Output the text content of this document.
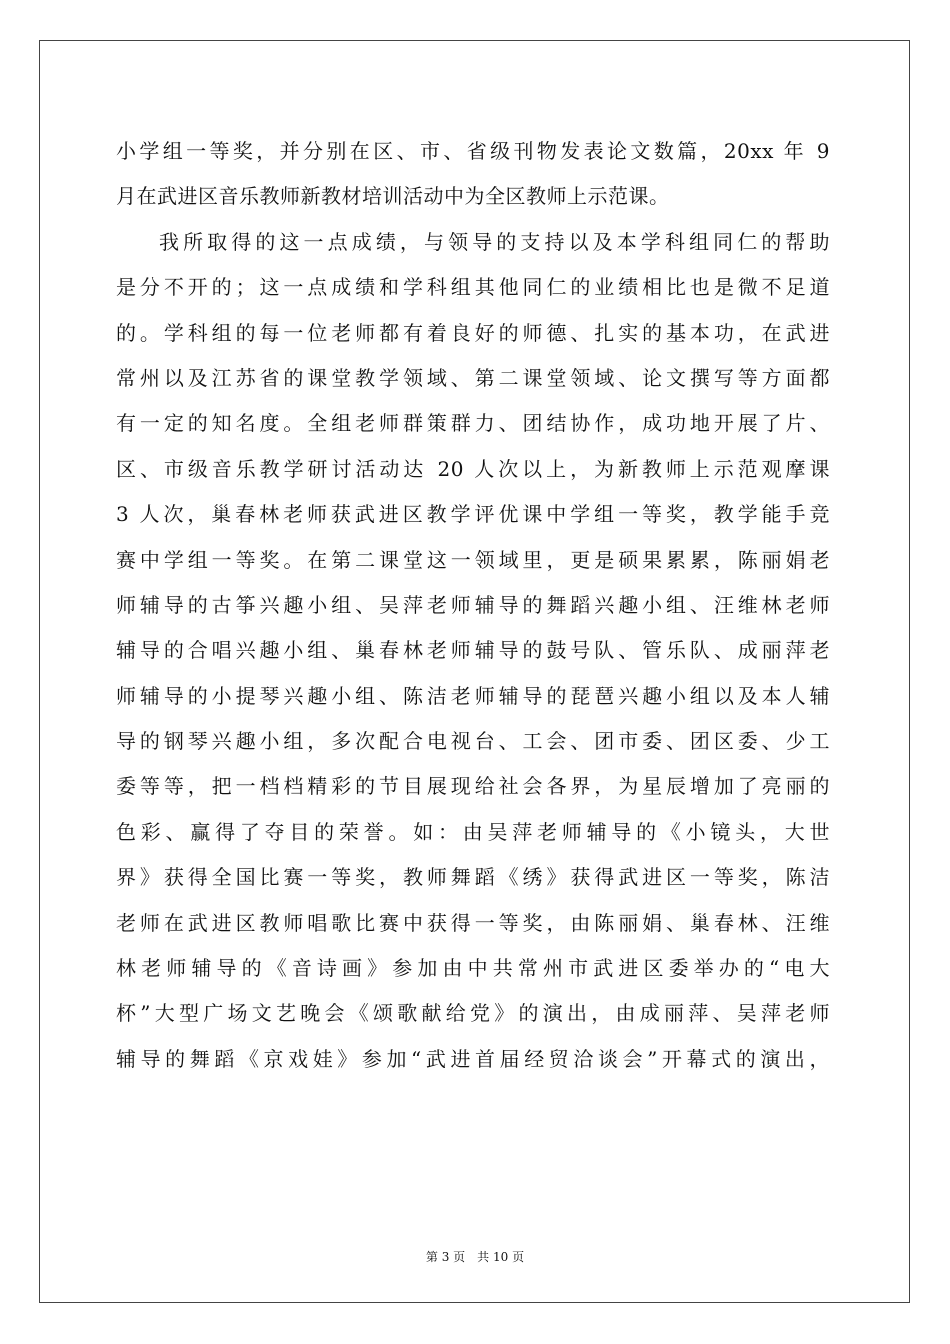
小学组一等奖，并分别在区、市、省级刊物发表论文数篇，20xx 年 9
月在武进区音乐教师新教材培训活动中为全区教师上示范课。
我所取得的这一点成绩，与领导的支持以及本学科组同仁的帮助
是分不开的；这一点成绩和学科组其他同仁的业绩相比也是微不足道
的。学科组的每一位老师都有着良好的师德、扎实的基本功，在武进
常州以及江苏省的课堂教学领域、第二课堂领域、论文撰写等方面都
有一定的知名度。全组老师群策群力、团结协作，成功地开展了片、
区、市级音乐教学研讨活动达 20 人次以上，为新教师上示范观摩课
3 人次，巢春林老师获武进区教学评优课中学组一等奖，教学能手竞
赛中学组一等奖。在第二课堂这一领域里，更是硕果累累，陈丽娟老
师辅导的古筝兴趣小组、吴萍老师辅导的舞蹈兴趣小组、汪维林老师
辅导的合唱兴趣小组、巢春林老师辅导的鼓号队、管乐队、成丽萍老
师辅导的小提琴兴趣小组、陈洁老师辅导的琵琶兴趣小组以及本人辅
导的钢琴兴趣小组，多次配合电视台、工会、团市委、团区委、少工
委等等，把一档档精彩的节目展现给社会各界，为星辰增加了亮丽的
色彩、赢得了夺目的荣誉。如：由吴萍老师辅导的《小镜头，大世
界》获得全国比赛一等奖，教师舞蹈《绣》获得武进区一等奖，陈洁
老师在武进区教师唱歌比赛中获得一等奖，由陈丽娟、巢春林、汪维
林老师辅导的《音诗画》参加由中共常州市武进区委举办的“电大
杯”大型广场文艺晚会《颂歌献给党》的演出，由成丽萍、吴萍老师
辅导的舞蹈《京戏娃》参加“武进首届经贸洽谈会”开幕式的演出，
第 3 页 共 10 页
